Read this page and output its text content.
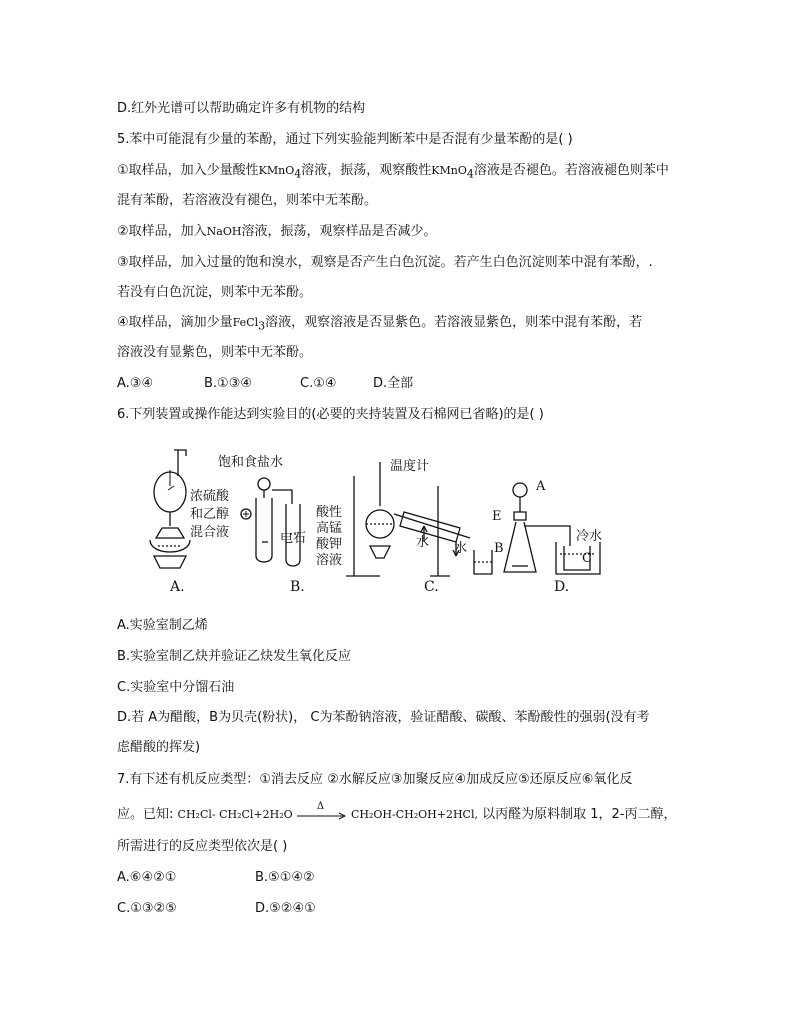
D.红外光谱可以帮助确定许多有机物的结构
5.苯中可能混有少量的苯酚，通过下列实验能判断苯中是否混有少量苯酚的是( )
①取样品，加入少量酸性KMnO$_4$溶液，振荡，观察酸性KMnO$_4$溶液是否褪色。若溶液褪色则苯中
混有苯酚，若溶液没有褪色，则苯中无苯酚。
②取样品，加入NaOH溶液，振荡，观察样品是否减少。
③取样品，加入过量的饱和溴水，观察是否产生白色沉淀。若产生白色沉淀则苯中混有苯酚，.
若没有白色沉淀，则苯中无苯酚。
④取样品，滴加少量FeCl$_3$溶液，观察溶液是否显紫色。若溶液显紫色，则苯中混有苯酚，若
溶液没有显紫色，则苯中无苯酚。
A.③④	B.①③④	C.①④	D.全部
6.下列装置或操作能达到实验目的(必要的夹持装置及石棉网已省略)的是( )
浓硫酸
和乙醇
混合液
A.
饱和食盐水
电石
酸性
高锰
酸钾
溶液
B.
温度计
水 水
C.
A
B
E
冷水
C
D.
A.实验室制乙烯
B.实验室制乙炔并验证乙炔发生氧化反应
C.实验室中分馏石油
D.若 A为醋酸，B为贝壳(粉状)， C为苯酚钠溶液，验证醋酸、碳酸、苯酚酸性的强弱(没有考
虑醋酸的挥发)
7.有下述有机反应类型：①消去反应 ②水解反应③加聚反应④加成反应⑤还原反应⑥氧化反
应。已知: CH₂Cl- CH₂Cl+2H₂O
Δ
CH₂OH-CH₂OH+2HCl, 以丙醛为原料制取 1，2-丙二醇，
所需进行的反应类型依次是( )
A.⑥④②①	B.⑤①④②
C.①③②⑤	D.⑤②④①
